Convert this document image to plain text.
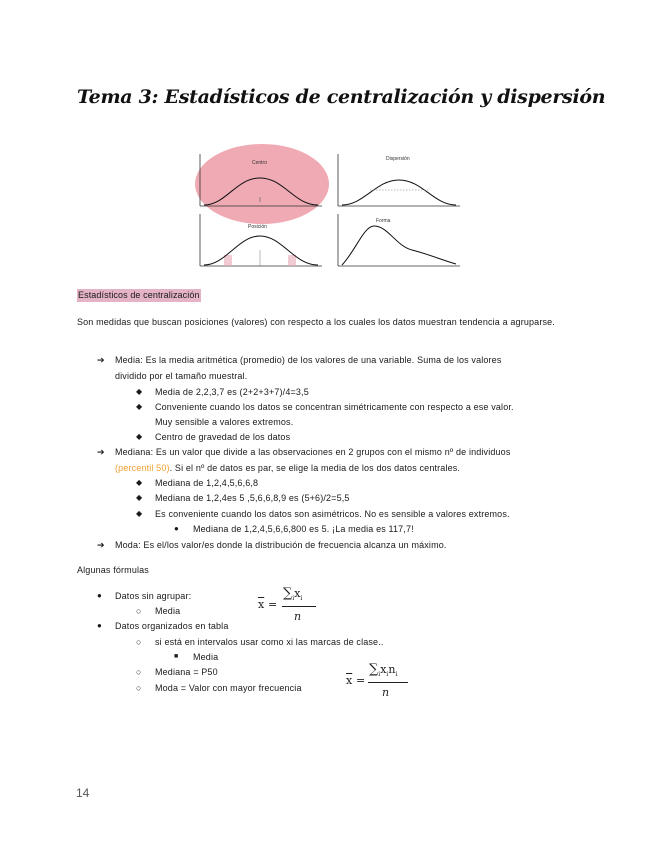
Tema 3: Estadísticos de centralización y dispersión
Centro
Dispersión
Posición
Forma
Estadísticos de centralización
Son medidas que buscan posiciones (valores) con respecto a los cuales los datos muestran tendencia a agruparse.
➔ Media: Es la media aritmética (promedio) de los valores de una variable. Suma de los valores
dividido por el tamaño muestral.
◆ Media de 2,2,3,7 es (2+2+3+7)/4=3,5
◆ Conveniente cuando los datos se concentran simétricamente con respecto a ese valor.
Muy sensible a valores extremos.
◆ Centro de gravedad de los datos
➔ Mediana: Es un valor que divide a las observaciones en 2 grupos con el mismo nº de individuos
(percentil 50). Si el nº de datos es par, se elige la media de los dos datos centrales.
◆ Mediana de 1,2,4,5,6,6,8
◆ Mediana de 1,2,4es 5 ,5,6,6,8,9 es (5+6)/2=5,5
◆ Es conveniente cuando los datos son asimétricos. No es sensible a valores extremos.
● Mediana de 1,2,4,5,6,6,800 es 5. ¡La media es 117,7!
➔ Moda: Es el/los valor/es donde la distribución de frecuencia alcanza un máximo.
Algunas fórmulas
● Datos sin agrupar:
○ Media
● Datos organizados en tabla
○ si está en intervalos usar como xi las marcas de clase..
■ Media
○ Mediana = P50
○ Moda = Valor con mayor frecuencia
$\overline{x}$ =
$\sum_ix_i$
n
$\overline{x}$ =
$\sum_ix_in_i$
n
14
